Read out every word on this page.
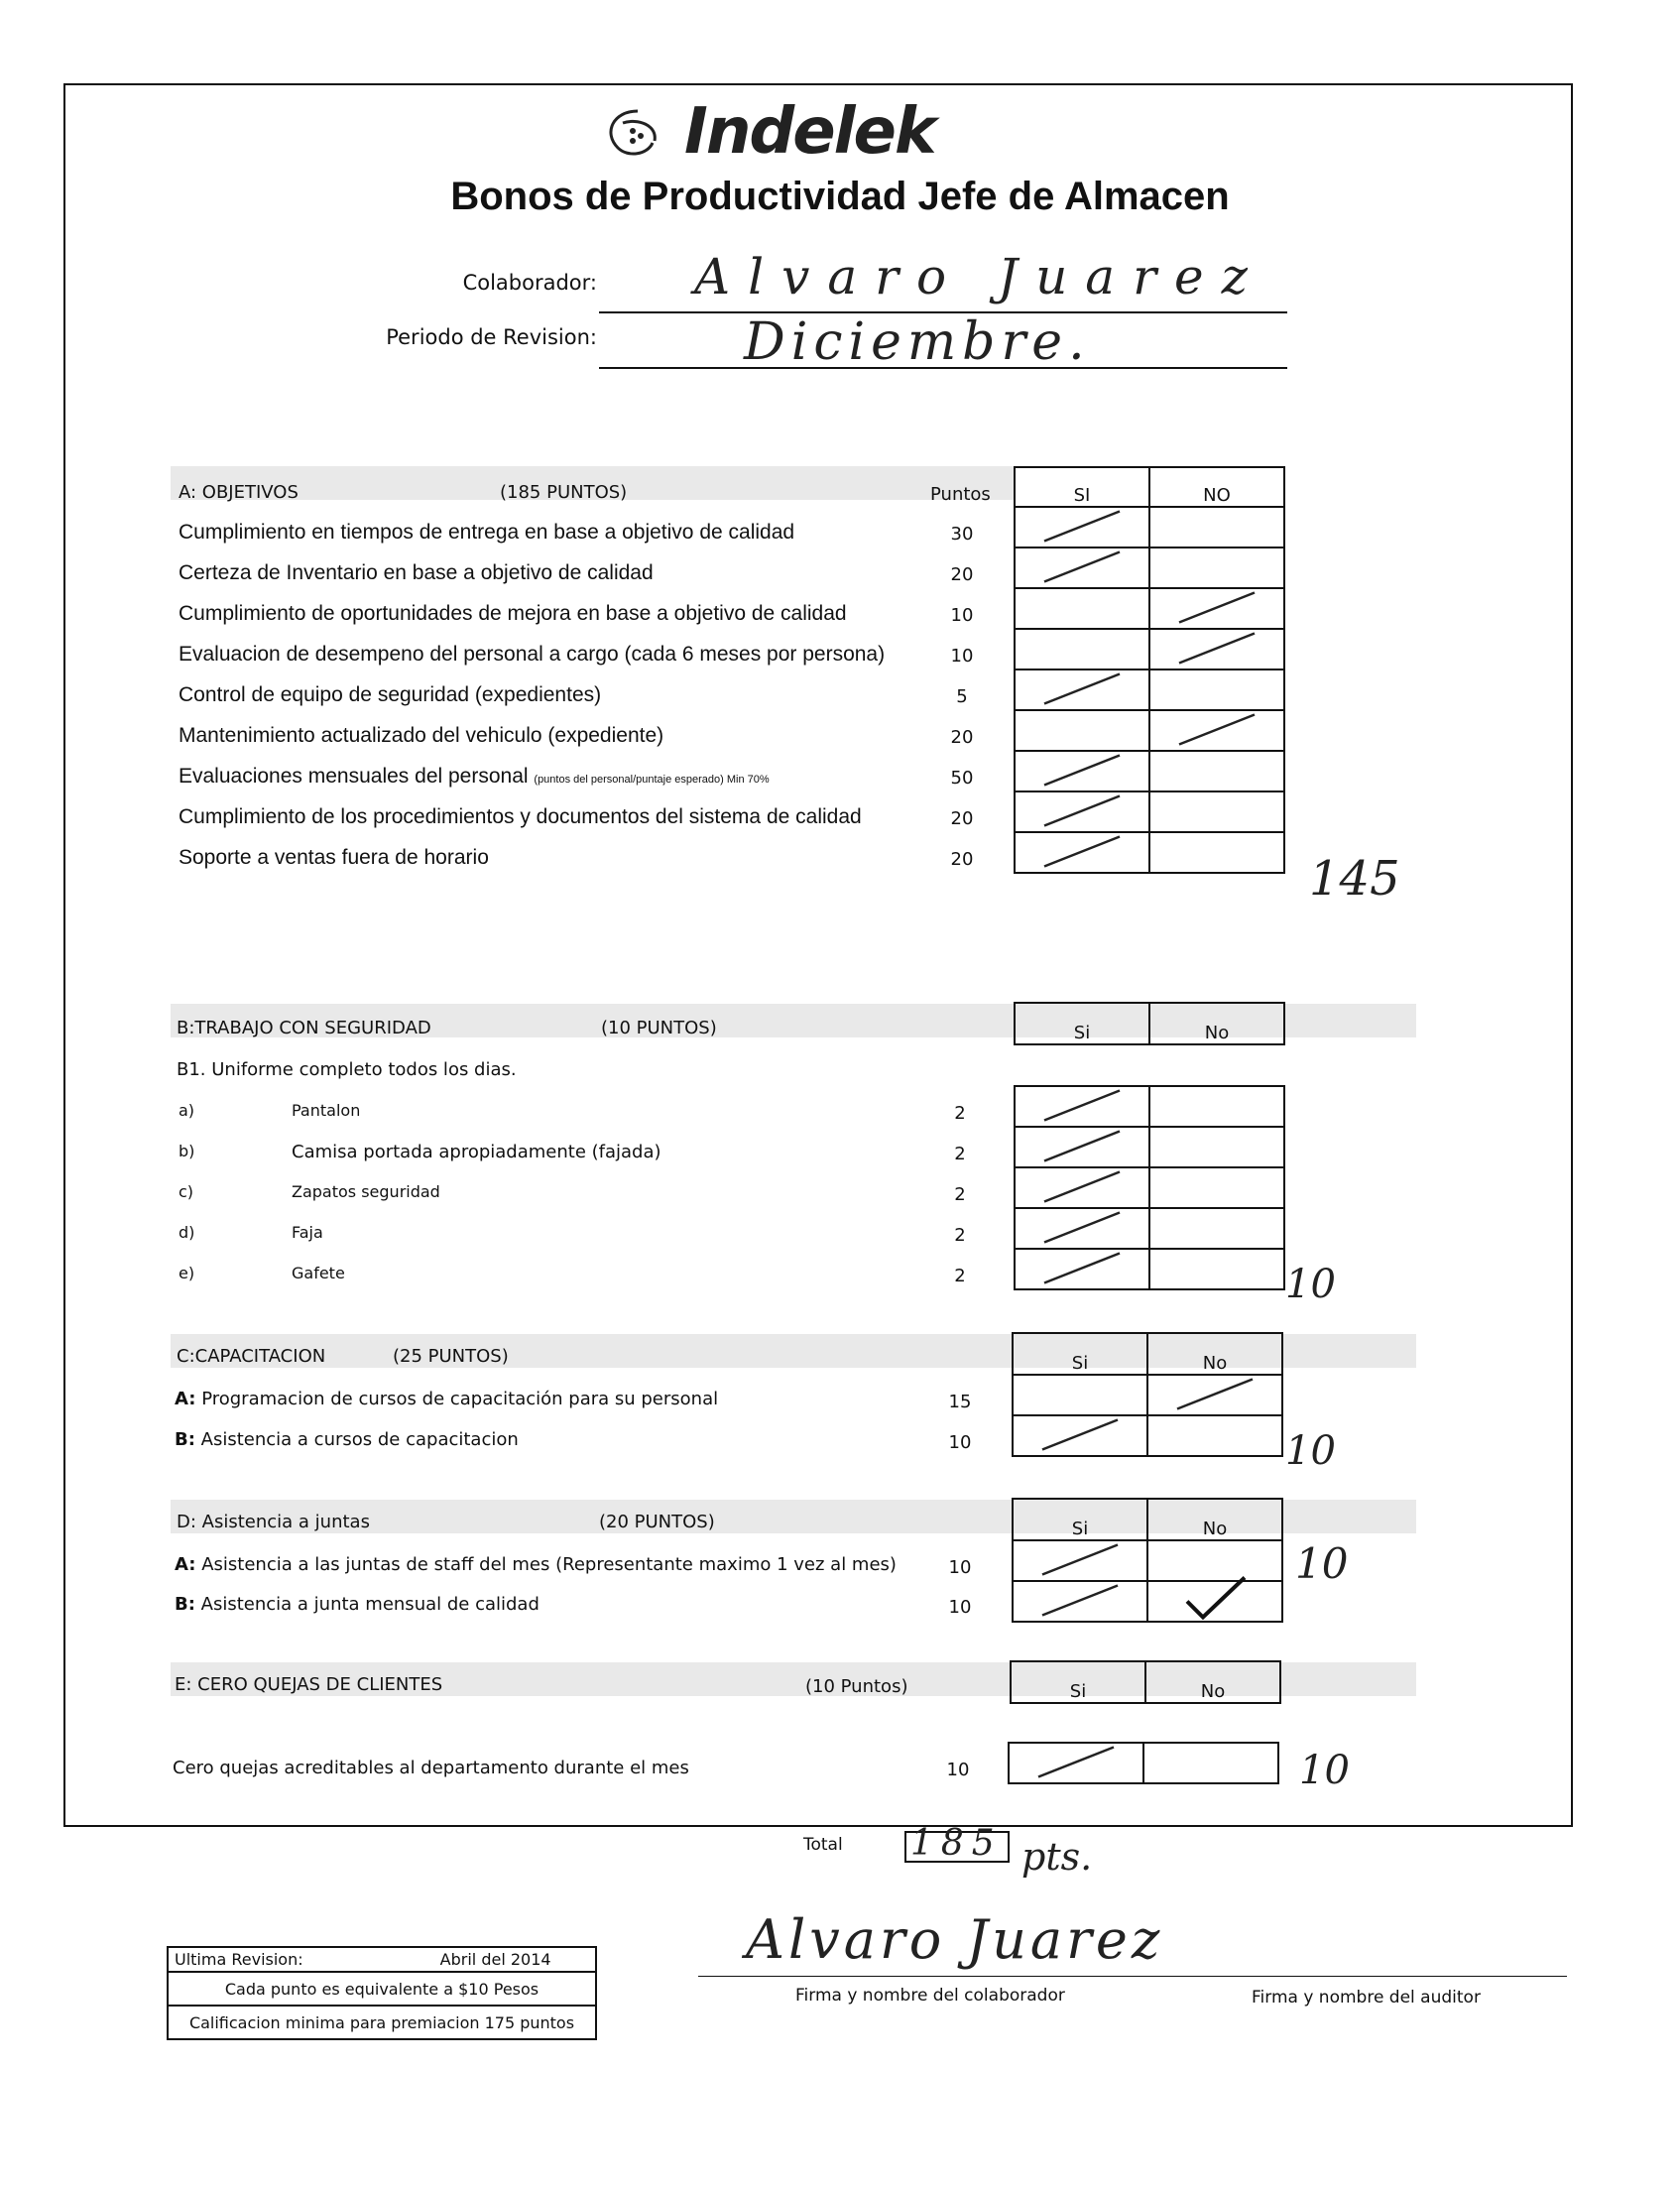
Indelek
Bonos de Productividad Jefe de Almacen
Colaborador: Alvaro Juarez
Periodo de Revision:	Diciembre.
A: OBJETIVOS	(185 PUNTOS)	Puntos	SI	NO

Cumplimiento en tiempos de entrega en base a objetivo de calidad	30
Certeza de Inventario en base a objetivo de calidad	20
Cumplimiento de oportunidades de mejora en base a objetivo de calidad	10
Evaluacion de desempeno del personal a cargo (cada 6 meses por persona)	10
Control de equipo de seguridad (expedientes)	5
Mantenimiento actualizado del vehiculo (expediente)	20
Evaluaciones mensuales del personal (puntos del personal/puntaje esperado) Min 70%	50
Cumplimiento de los procedimientos y documentos del sistema de calidad	20
Soporte a ventas fuera de horario	20	145
B:TRABAJO CON SEGURIDAD	(10 PUNTOS)	Si	No
B1. Uniforme completo todos los dias.

a)	Pantalon	2
b)	Camisa portada apropiadamente (fajada)	2
c)	Zapatos seguridad	2
d)	Faja	2
e)	Gafete	2	10
C:CAPACITACION	(25 PUNTOS)	Si	No

A: Programacion de cursos de capacitación para su personal	15
B: Asistencia a cursos de capacitacion	10	10
D: Asistencia a juntas	(20 PUNTOS)	Si	No

A: Asistencia a las juntas de staff del mes (Representante maximo 1 vez al mes)	10
B: Asistencia a junta mensual de calidad	10
10
E: CERO QUEJAS DE CLIENTES	(10 Puntos)	Si	No

Cero quejas acreditables al departamento durante el mes	10	10
Total 185 pts.
Ultima Revision:	Abril del 2014
Cada punto es equivalente a $10 Pesos
Calificacion minima para premiacion 175 puntos
Alvaro Juarez
Firma y nombre del colaborador	Firma y nombre del auditor
